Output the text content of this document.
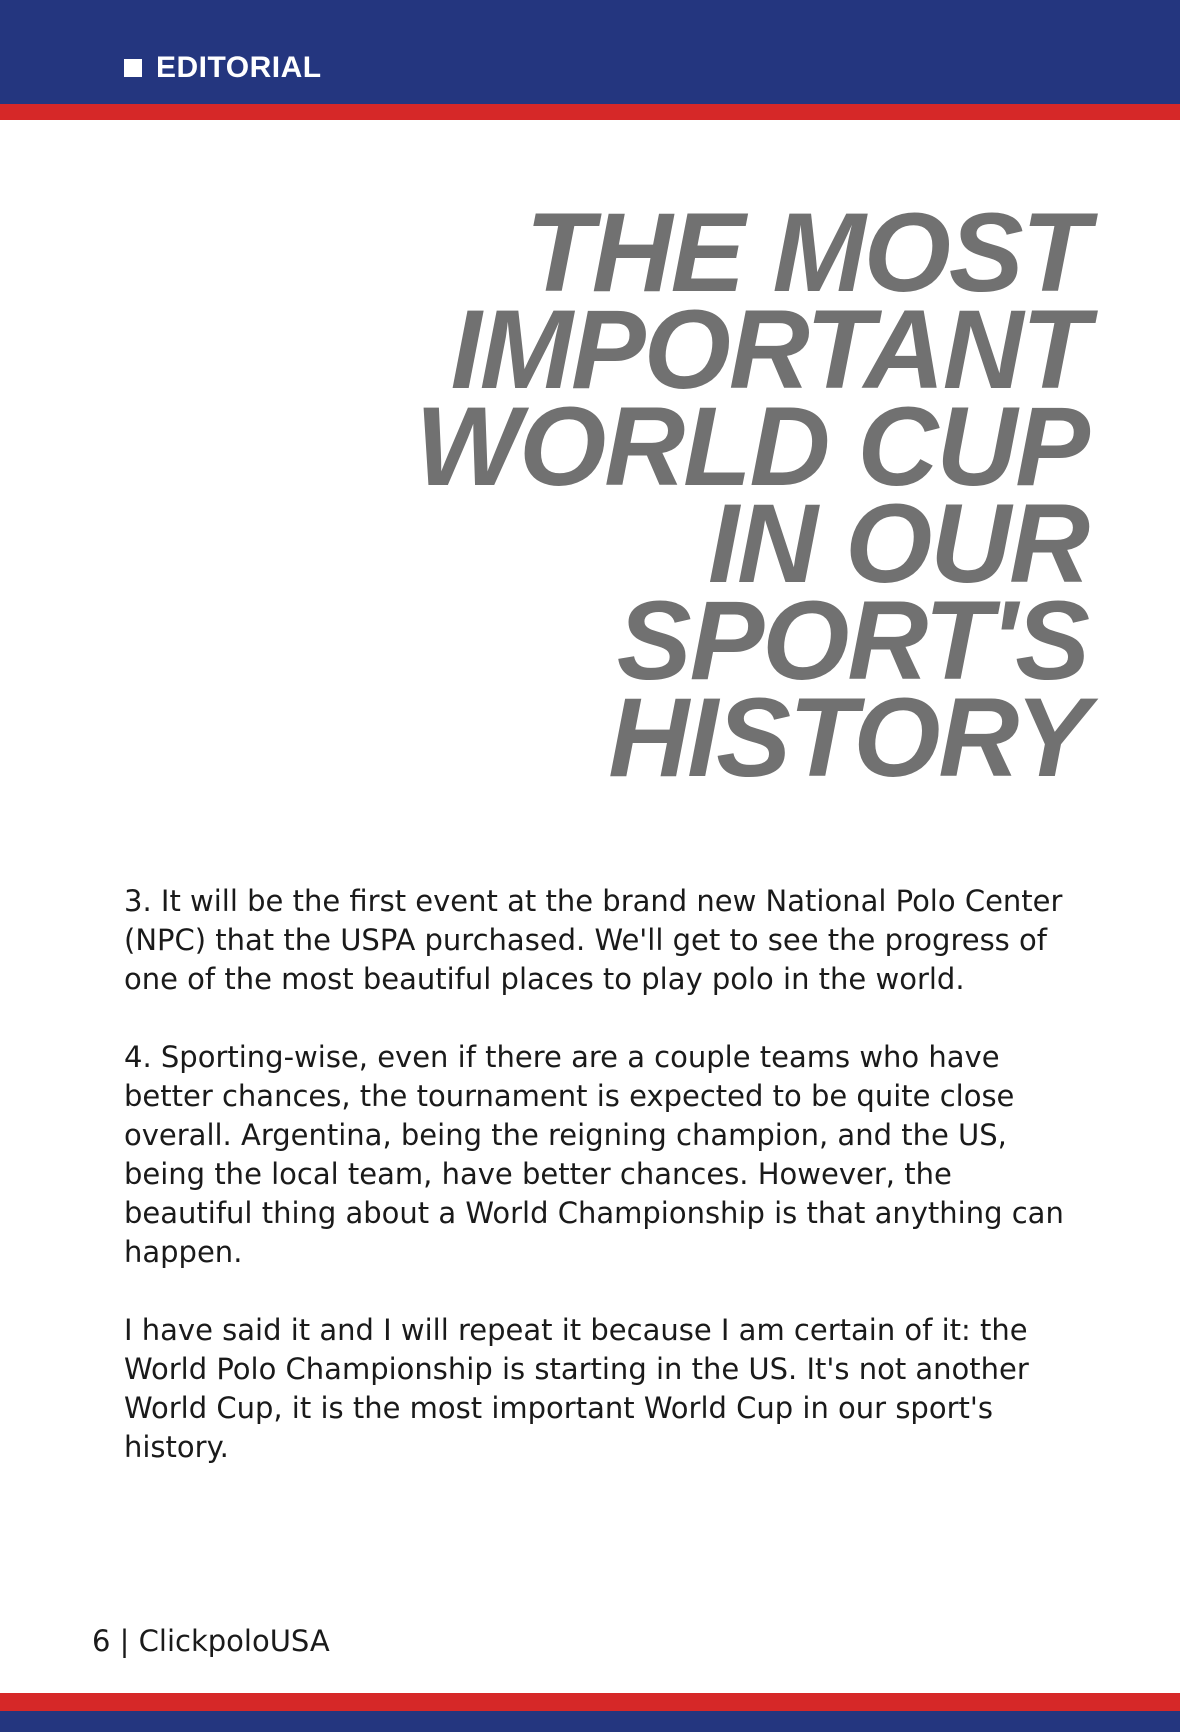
EDITORIAL
THE MOST
IMPORTANT
WORLD CUP
IN OUR
SPORT'S
HISTORY

3. It will be the first event at the brand new National Polo Center (NPC) that the USPA purchased. We'll get to see the progress of one of the most beautiful places to play polo in the world.

4. Sporting-wise, even if there are a couple teams who have better chances, the tournament is expected to be quite close overall. Argentina, being the reigning champion, and the US, being the local team, have better chances. However, the beautiful thing about a World Championship is that anything can happen.

I have said it and I will repeat it because I am certain of it: the World Polo Championship is starting in the US. It's not another World Cup, it is the most important World Cup in our sport's history.

6 | ClickpoloUSA
